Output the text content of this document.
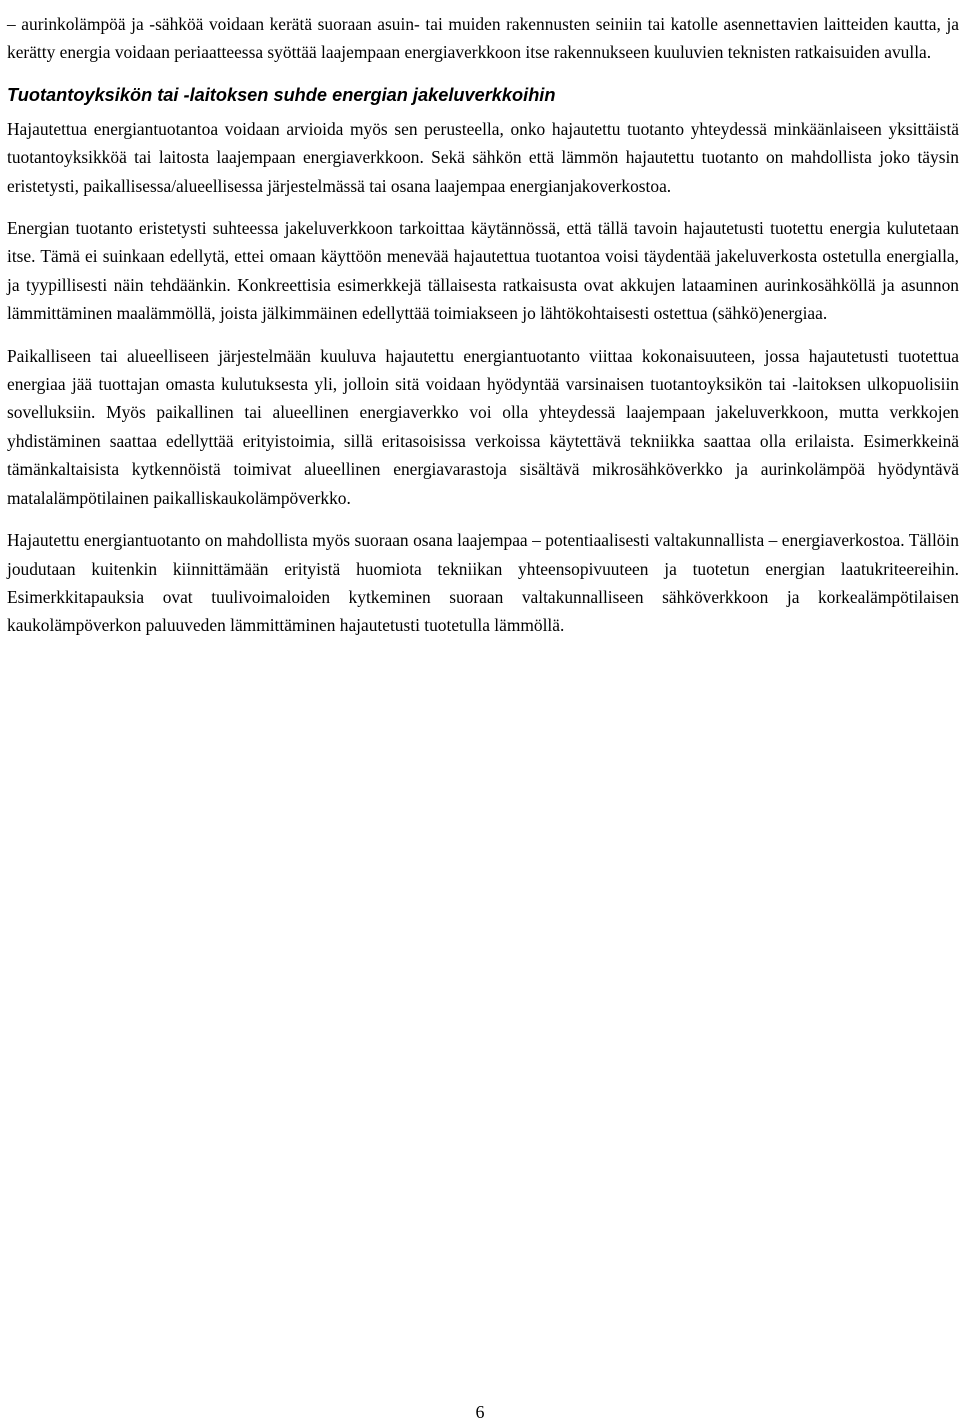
– aurinkolämpöä ja -sähköä voidaan kerätä suoraan asuin- tai muiden rakennusten seiniin tai katolle asennettavien laitteiden kautta, ja kerätty energia voidaan periaatteessa syöttää laajempaan energiaverkkoon itse rakennukseen kuuluvien teknisten ratkaisuiden avulla.

Tuotantoyksikön tai -laitoksen suhde energian jakeluverkkoihin

Hajautettua energiantuotantoa voidaan arvioida myös sen perusteella, onko hajautettu tuotanto yhteydessä minkäänlaiseen yksittäistä tuotantoyksikköä tai laitosta laajempaan energiaverkkoon. Sekä sähkön että lämmön hajautettu tuotanto on mahdollista joko täysin eristetysti, paikallisessa/alueellisessa järjestelmässä tai osana laajempaa energianjakoverkostoa.

Energian tuotanto eristetysti suhteessa jakeluverkkoon tarkoittaa käytännössä, että tällä tavoin hajautetusti tuotettu energia kulutetaan itse. Tämä ei suinkaan edellytä, ettei omaan käyttöön menevää hajautettua tuotantoa voisi täydentää jakeluverkosta ostetulla energialla, ja tyypillisesti näin tehdäänkin. Konkreettisia esimerkkejä tällaisesta ratkaisusta ovat akkujen lataaminen aurinkosähköllä ja asunnon lämmittäminen maalämmöllä, joista jälkimmäinen edellyttää toimiakseen jo lähtökohtaisesti ostettua (sähkö)energiaa.

Paikalliseen tai alueelliseen järjestelmään kuuluva hajautettu energiantuotanto viittaa kokonaisuuteen, jossa hajautetusti tuotettua energiaa jää tuottajan omasta kulutuksesta yli, jolloin sitä voidaan hyödyntää varsinaisen tuotantoyksikön tai -laitoksen ulkopuolisiin sovelluksiin. Myös paikallinen tai alueellinen energiaverkko voi olla yhteydessä laajempaan jakeluverkkoon, mutta verkkojen yhdistäminen saattaa edellyttää erityistoimia, sillä eritasoisissa verkoissa käytettävä tekniikka saattaa olla erilaista. Esimerkkeinä tämänkaltaisista kytkennöistä toimivat alueellinen energiavarastoja sisältävä mikrosähköverkko ja aurinkolämpöä hyödyntävä matalalämpötilainen paikalliskaukolämpöverkko.

Hajautettu energiantuotanto on mahdollista myös suoraan osana laajempaa – potentiaalisesti valtakunnallista – energiaverkostoa. Tällöin joudutaan kuitenkin kiinnittämään erityistä huomiota tekniikan yhteensopivuuteen ja tuotetun energian laatukriteereihin. Esimerkkitapauksia ovat tuulivoimaloiden kytkeminen suoraan valtakunnalliseen sähköverkkoon ja korkealämpötilaisen kaukolämpöverkon paluuveden lämmittäminen hajautetusti tuotetulla lämmöllä.

6
